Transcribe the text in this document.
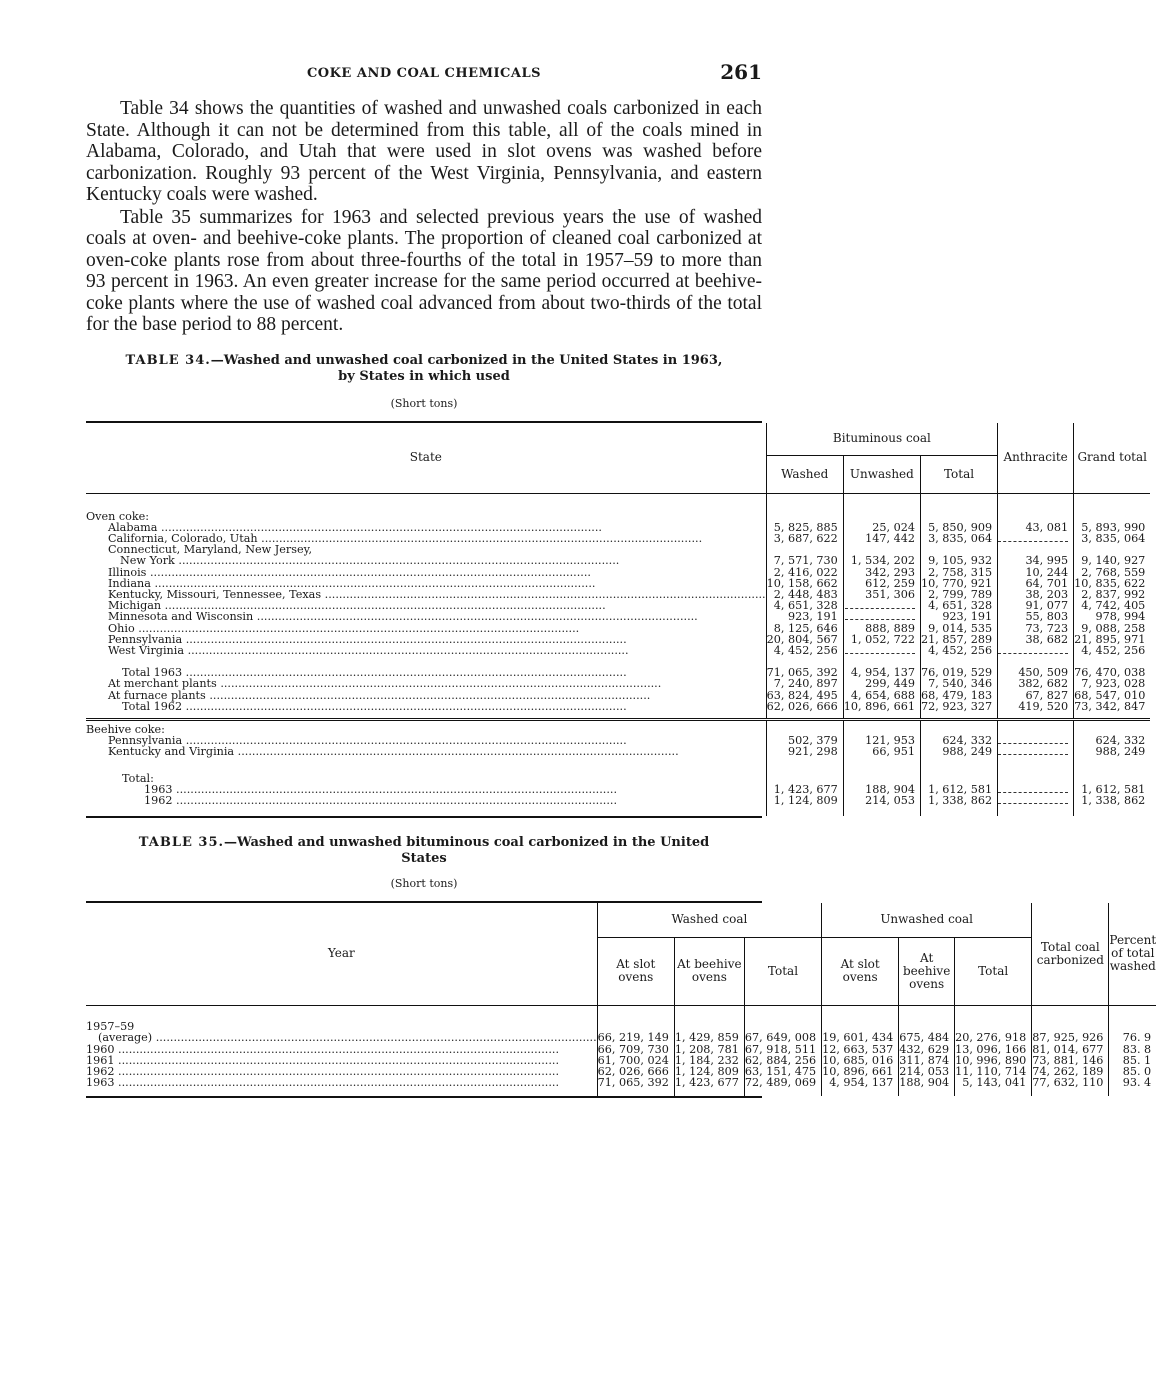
COKE AND COAL CHEMICALS	261

Table 34 shows the quantities of washed and unwashed coals carbonized in each State. Although it can not be determined from this table, all of the coals mined in Alabama, Colorado, and Utah that were used in slot ovens was washed before carbonization. Roughly 93 percent of the West Virginia, Pennsylvania, and eastern Kentucky coals were washed.

Table 35 summarizes for 1963 and selected previous years the use of washed coals at oven- and beehive-coke plants. The proportion of cleaned coal carbonized at oven-coke plants rose from about three-fourths of the total in 1957–59 to more than 93 percent in 1963. An even greater increase for the same period occurred at beehive-coke plants where the use of washed coal advanced from about two-thirds of the total for the base period to 88 percent.

TABLE 34.—Washed and unwashed coal carbonized in the United States in 1963,
by States in which used

(Short tons)

State	Bituminous coal			Anthracite	Grand total
	Washed	Unwashed	Total		

Oven coke:					
Alabama .....	5, 825, 885	25, 024	5, 850, 909	43, 081	5, 893, 990
California, Colorado, Utah .....	3, 687, 622	147, 442	3, 835, 064		3, 835, 064

Connecticut, Maryland, New Jersey,
New York .....	7, 571, 730	1, 534, 202	9, 105, 932	34, 995	9, 140, 927
Illinois .....	2, 416, 022	342, 293	2, 758, 315	10, 244	2, 768, 559
Indiana .....	10, 158, 662	612, 259	10, 770, 921	64, 701	10, 835, 622
Kentucky, Missouri, Tennessee, Texas .....	2, 448, 483	351, 306	2, 799, 789	38, 203	2, 837, 992
Michigan .....	4, 651, 328		4, 651, 328	91, 077	4, 742, 405
Minnesota and Wisconsin .....	923, 191		923, 191	55, 803	978, 994
Ohio .....	8, 125, 646	888, 889	9, 014, 535	73, 723	9, 088, 258
Pennsylvania .....	20, 804, 567	1, 052, 722	21, 857, 289	38, 682	21, 895, 971
West Virginia .....	4, 452, 256		4, 452, 256		4, 452, 256

Total 1963 .....	71, 065, 392	4, 954, 137	76, 019, 529	450, 509	76, 470, 038
At merchant plants .....	7, 240, 897	299, 449	7, 540, 346	382, 682	7, 923, 028
At furnace plants .....	63, 824, 495	4, 654, 688	68, 479, 183	67, 827	68, 547, 010
Total 1962 .....	62, 026, 666	10, 896, 661	72, 923, 327	419, 520	73, 342, 847

Beehive coke:					
Pennsylvania .....	502, 379	121, 953	624, 332		624, 332
Kentucky and Virginia .....	921, 298	66, 951	988, 249		988, 249

Total:					
1963 .....	1, 423, 677	188, 904	1, 612, 581		1, 612, 581
1962 .....	1, 124, 809	214, 053	1, 338, 862		1, 338, 862

TABLE 35.—Washed and unwashed bituminous coal carbonized in the United
States

(Short tons)

Year	Washed coal			Unwashed coal			Total coal carbonized	Percent of total washed
	At slot ovens	At beehive ovens	Total	At slot ovens	At beehive ovens	Total		

1957–59								
(average) .....	66, 219, 149	1, 429, 859	67, 649, 008	19, 601, 434	675, 484	20, 276, 918	87, 925, 926	76. 9
1960 .....	66, 709, 730	1, 208, 781	67, 918, 511	12, 663, 537	432, 629	13, 096, 166	81, 014, 677	83. 8
1961 .....	61, 700, 024	1, 184, 232	62, 884, 256	10, 685, 016	311, 874	10, 996, 890	73, 881, 146	85. 1
1962 .....	62, 026, 666	1, 124, 809	63, 151, 475	10, 896, 661	214, 053	11, 110, 714	74, 262, 189	85. 0
1963 .....	71, 065, 392	1, 423, 677	72, 489, 069	4, 954, 137	188, 904	5, 143, 041	77, 632, 110	93. 4
